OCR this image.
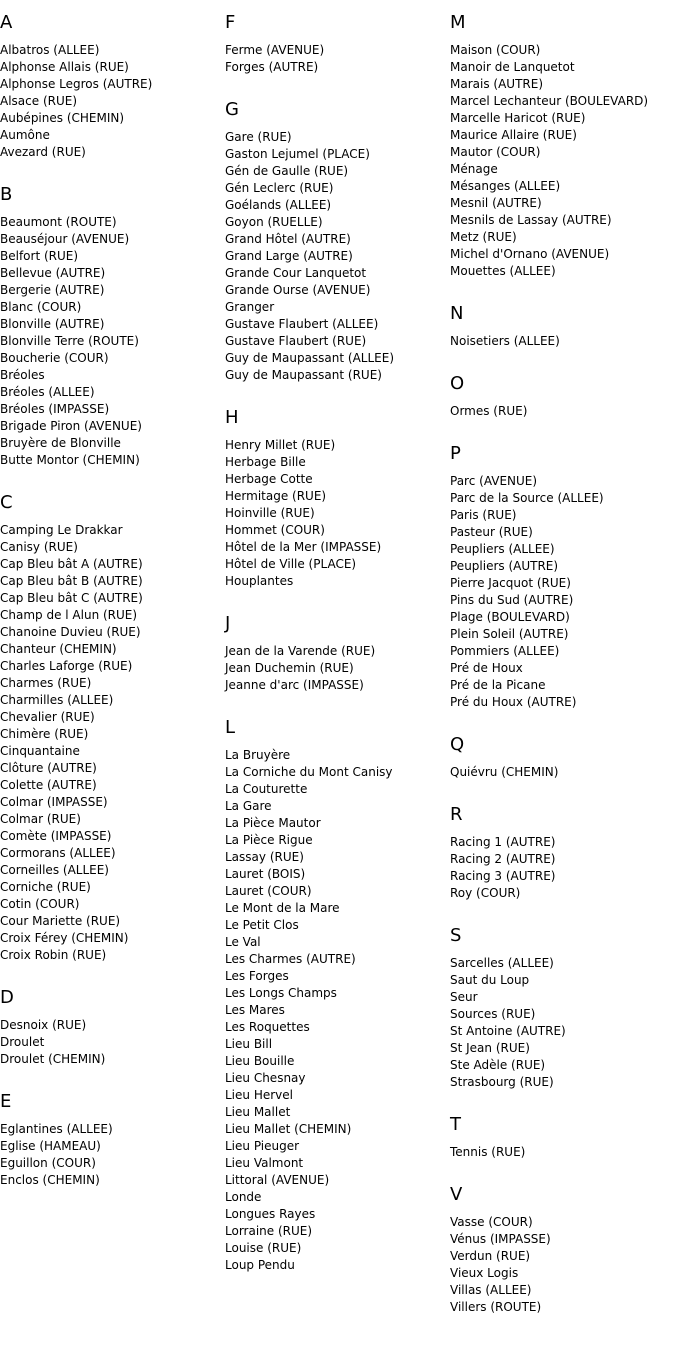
A
Albatros (ALLEE)
Alphonse Allais (RUE)
Alphonse Legros (AUTRE)
Alsace (RUE)
Aubépines (CHEMIN)
Aumône
Avezard (RUE)
B
Beaumont (ROUTE)
Beauséjour (AVENUE)
Belfort (RUE)
Bellevue (AUTRE)
Bergerie (AUTRE)
Blanc (COUR)
Blonville (AUTRE)
Blonville Terre (ROUTE)
Boucherie (COUR)
Bréoles
Bréoles (ALLEE)
Bréoles (IMPASSE)
Brigade Piron (AVENUE)
Bruyère de Blonville
Butte Montor (CHEMIN)
C
Camping Le Drakkar
Canisy (RUE)
Cap Bleu bât A (AUTRE)
Cap Bleu bât B (AUTRE)
Cap Bleu bât C (AUTRE)
Champ de l Alun (RUE)
Chanoine Duvieu (RUE)
Chanteur (CHEMIN)
Charles Laforge (RUE)
Charmes (RUE)
Charmilles (ALLEE)
Chevalier (RUE)
Chimère (RUE)
Cinquantaine
Clôture (AUTRE)
Colette (AUTRE)
Colmar (IMPASSE)
Colmar (RUE)
Comète (IMPASSE)
Cormorans (ALLEE)
Corneilles (ALLEE)
Corniche (RUE)
Cotin (COUR)
Cour Mariette (RUE)
Croix Férey (CHEMIN)
Croix Robin (RUE)
D
Desnoix (RUE)
Droulet
Droulet (CHEMIN)
E
Eglantines (ALLEE)
Eglise (HAMEAU)
Eguillon (COUR)
Enclos (CHEMIN)
F
Ferme (AVENUE)
Forges (AUTRE)
G
Gare (RUE)
Gaston Lejumel (PLACE)
Gén de Gaulle (RUE)
Gén Leclerc (RUE)
Goélands (ALLEE)
Goyon (RUELLE)
Grand Hôtel (AUTRE)
Grand Large (AUTRE)
Grande Cour Lanquetot
Grande Ourse (AVENUE)
Granger
Gustave Flaubert (ALLEE)
Gustave Flaubert (RUE)
Guy de Maupassant (ALLEE)
Guy de Maupassant (RUE)
H
Henry Millet (RUE)
Herbage Bille
Herbage Cotte
Hermitage (RUE)
Hoinville (RUE)
Hommet (COUR)
Hôtel de la Mer (IMPASSE)
Hôtel de Ville (PLACE)
Houplantes
J
Jean de la Varende (RUE)
Jean Duchemin (RUE)
Jeanne d'arc (IMPASSE)
L
La Bruyère
La Corniche du Mont Canisy
La Couturette
La Gare
La Pièce Mautor
La Pièce Rigue
Lassay (RUE)
Lauret (BOIS)
Lauret (COUR)
Le Mont de la Mare
Le Petit Clos
Le Val
Les Charmes (AUTRE)
Les Forges
Les Longs Champs
Les Mares
Les Roquettes
Lieu Bill
Lieu Bouille
Lieu Chesnay
Lieu Hervel
Lieu Mallet
Lieu Mallet (CHEMIN)
Lieu Pieuger
Lieu Valmont
Littoral (AVENUE)
Londe
Longues Rayes
Lorraine (RUE)
Louise (RUE)
Loup Pendu
M
Maison (COUR)
Manoir de Lanquetot
Marais (AUTRE)
Marcel Lechanteur (BOULEVARD)
Marcelle Haricot (RUE)
Maurice Allaire (RUE)
Mautor (COUR)
Ménage
Mésanges (ALLEE)
Mesnil (AUTRE)
Mesnils de Lassay (AUTRE)
Metz (RUE)
Michel d'Ornano (AVENUE)
Mouettes (ALLEE)
N
Noisetiers (ALLEE)
O
Ormes (RUE)
P
Parc (AVENUE)
Parc de la Source (ALLEE)
Paris (RUE)
Pasteur (RUE)
Peupliers (ALLEE)
Peupliers (AUTRE)
Pierre Jacquot (RUE)
Pins du Sud (AUTRE)
Plage (BOULEVARD)
Plein Soleil (AUTRE)
Pommiers (ALLEE)
Pré de Houx
Pré de la Picane
Pré du Houx (AUTRE)
Q
Quiévru (CHEMIN)
R
Racing 1 (AUTRE)
Racing 2 (AUTRE)
Racing 3 (AUTRE)
Roy (COUR)
S
Sarcelles (ALLEE)
Saut du Loup
Seur
Sources (RUE)
St Antoine (AUTRE)
St Jean (RUE)
Ste Adèle (RUE)
Strasbourg (RUE)
T
Tennis (RUE)
V
Vasse (COUR)
Vénus (IMPASSE)
Verdun (RUE)
Vieux Logis
Villas (ALLEE)
Villers (ROUTE)
